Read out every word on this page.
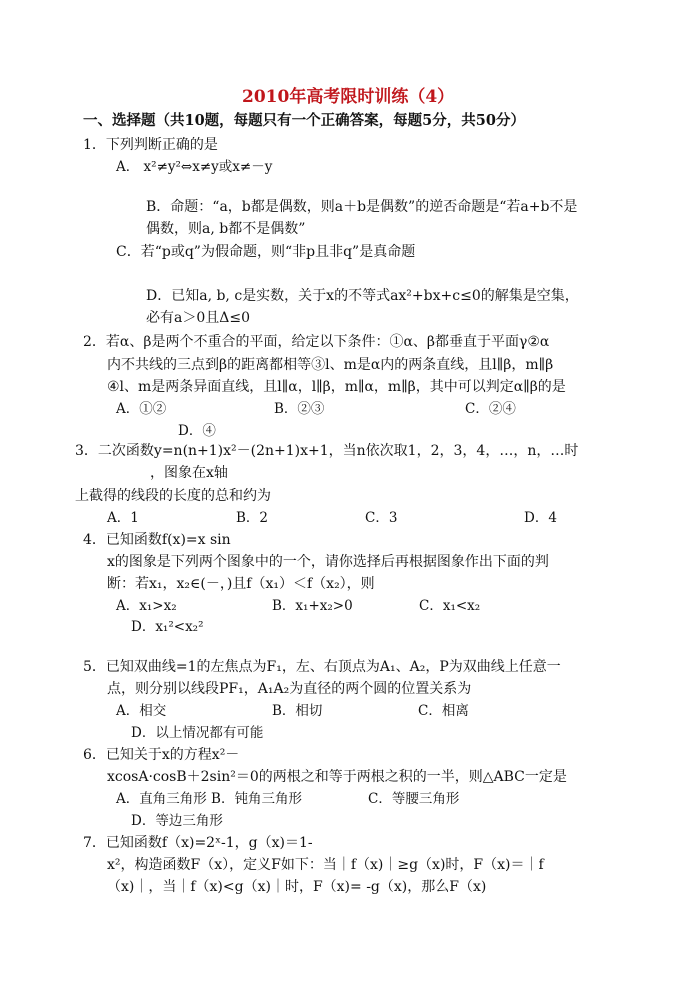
2010年高考限时训练（4）
一、选择题（共10题，每题只有一个正确答案，每题5分，共50分）
1．下列判断正确的是
A． x²≠y²⇔x≠y或x≠－y
B．命题：“a，b都是偶数，则a＋b是偶数”的逆否命题是“若a+b不是
偶数，则a, b都不是偶数”
C．若“p或q”为假命题，则“非p且非q”是真命题
D．已知a, b, c是实数，关于x的不等式ax²+bx+c≤0的解集是空集，
必有a＞0且Δ≤0
2．若α、β是两个不重合的平面，给定以下条件：①α、β都垂直于平面γ②α
内不共线的三点到β的距离都相等③l、m是α内的两条直线，且l∥β，m∥β
④l、m是两条异面直线，且l∥α，l∥β，m∥α，m∥β，其中可以判定α∥β的是
A．①②	B．②③	C．②④
D．④
3．二次函数y=n(n+1)x²－(2n+1)x+1，当n依次取1，2，3，4，…，n，…时
，图象在x轴
上截得的线段的长度的总和约为
A．1	B．2	C．3	D．4
4．已知函数f(x)=x sin
x的图象是下列两个图象中的一个，请你选择后再根据图象作出下面的判
断：若x₁，x₂∈(－，)且f（x₁）＜f（x₂），则
A．x₁>x₂	B．x₁+x₂>0	C．x₁<x₂
D．x₁²<x₂²
5．已知双曲线=1的左焦点为F₁，左、右顶点为A₁、A₂，P为双曲线上任意一
点，则分别以线段PF₁，A₁A₂为直径的两个圆的位置关系为
A．相交	B．相切	C．相离
D．以上情况都有可能
6．已知关于x的方程x²－
xcosA·cosB＋2sin²＝0的两根之和等于两根之积的一半，则△ABC一定是
A．直角三角形 B．钝角三角形	C．等腰三角形
D．等边三角形
7．已知函数f（x)=2ˣ-1，g（x)＝1-
x²，构造函数F（x），定义F如下：当｜f（x)｜≥g（x)时，F（x)＝｜f
（x)｜，当｜f（x)<g（x)｜时，F（x)= -g（x)，那么F（x)
